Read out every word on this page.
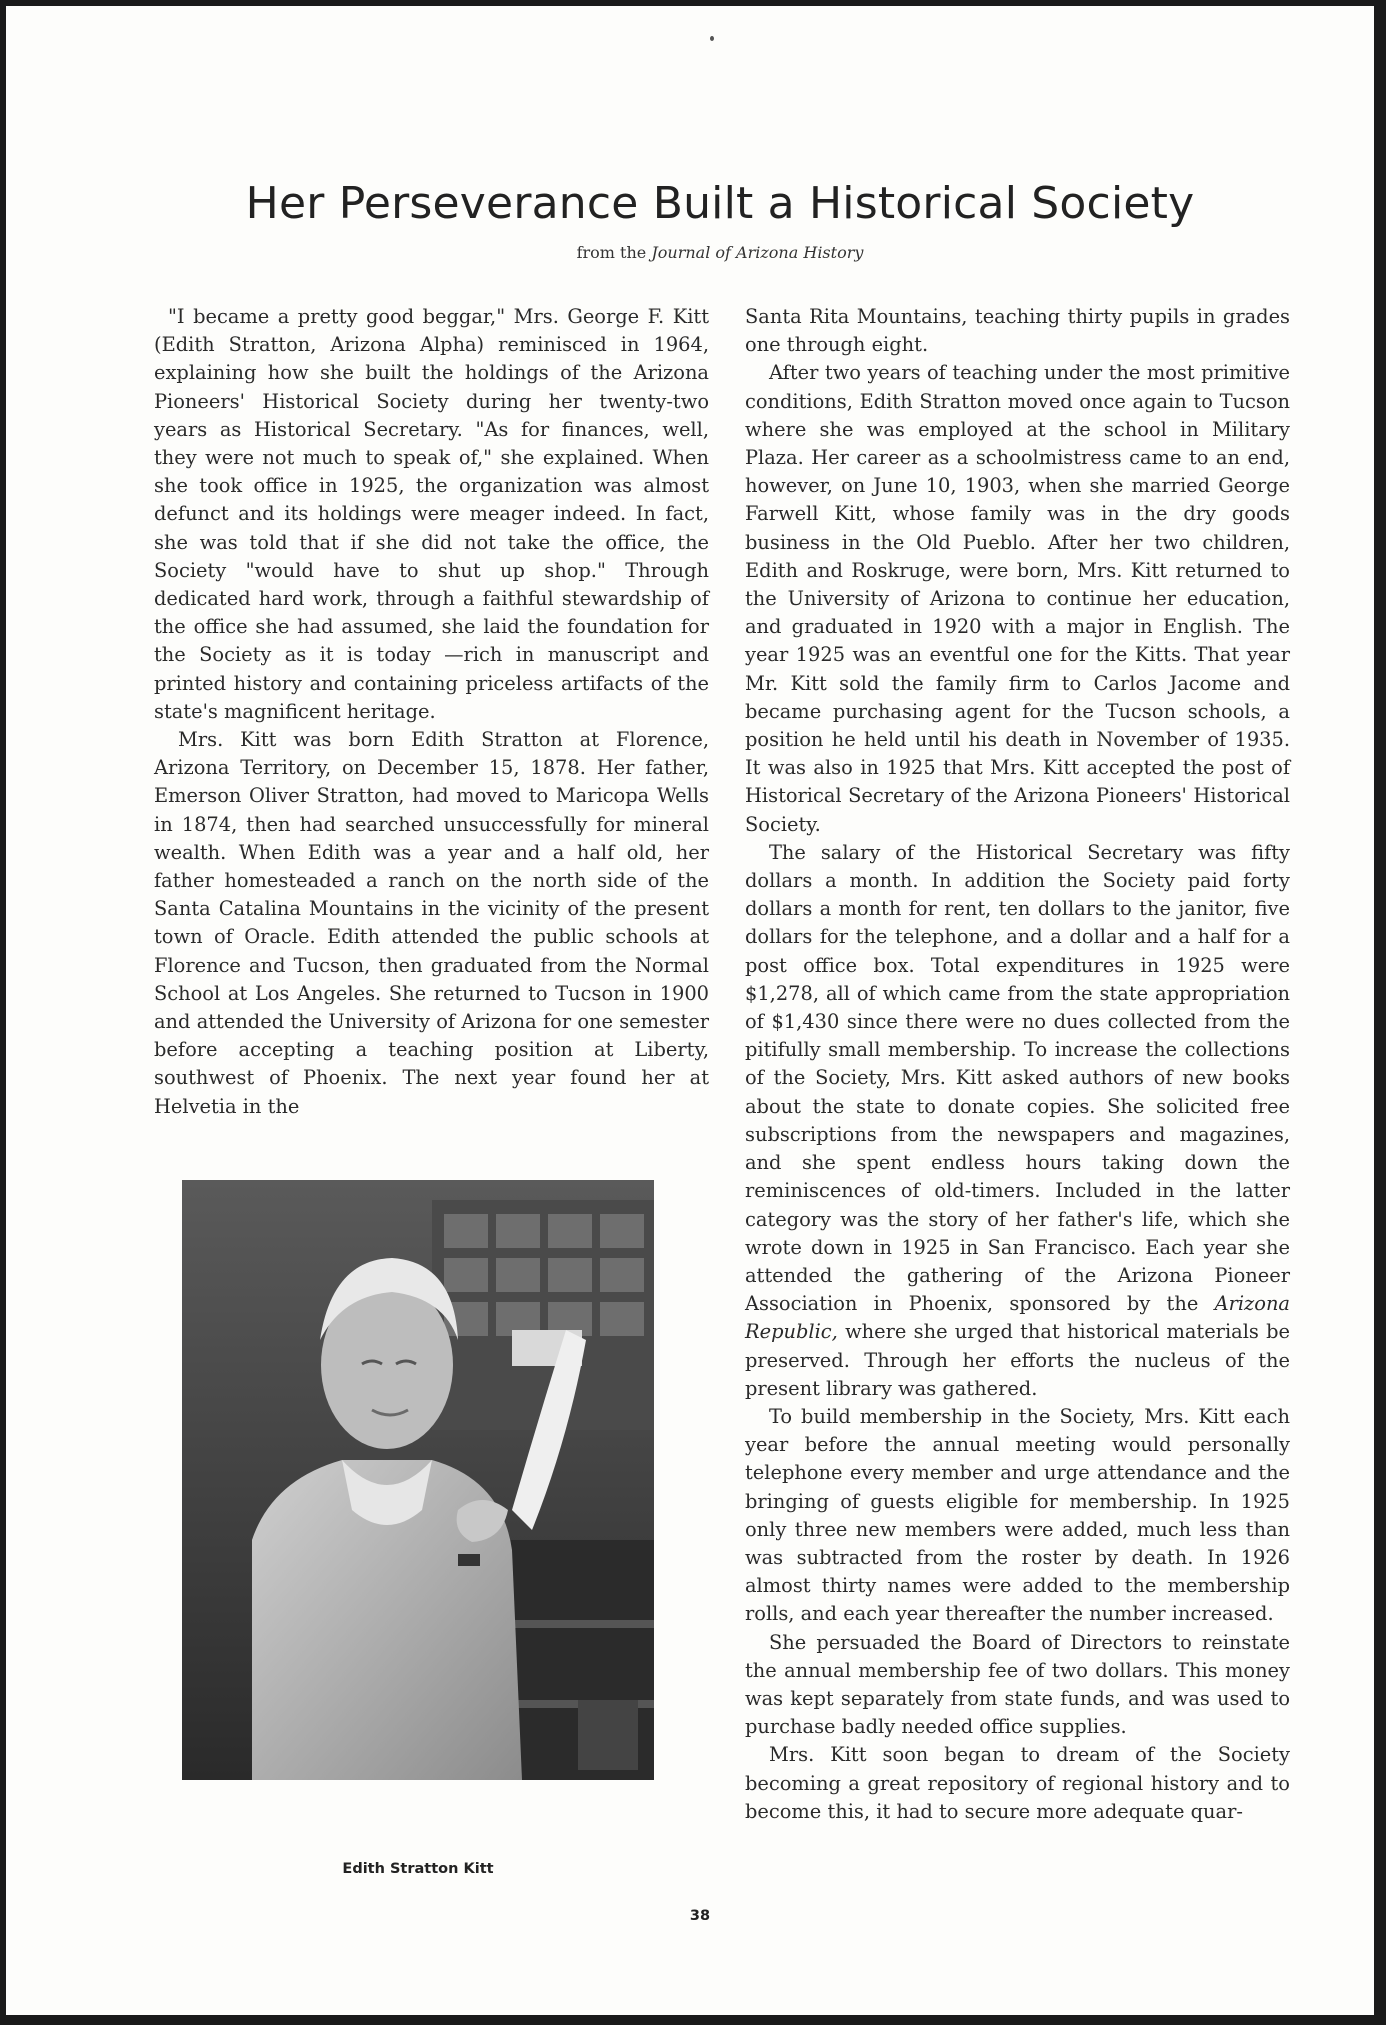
Her Perseverance Built a Historical Society
from the Journal of Arizona History

"I became a pretty good beggar," Mrs. George F. Kitt (Edith Stratton, Arizona Alpha) reminisced in 1964, explaining how she built the holdings of the Arizona Pioneers' Historical Society during her twenty-two years as Historical Secretary. "As for finances, well, they were not much to speak of," she explained. When she took office in 1925, the organization was almost defunct and its holdings were meager indeed. In fact, she was told that if she did not take the office, the Society "would have to shut up shop." Through dedicated hard work, through a faithful stewardship of the office she had assumed, she laid the foundation for the Society as it is today —rich in manuscript and printed history and containing priceless artifacts of the state's magnificent heritage.

Mrs. Kitt was born Edith Stratton at Florence, Arizona Territory, on December 15, 1878. Her father, Emerson Oliver Stratton, had moved to Maricopa Wells in 1874, then had searched unsuccessfully for mineral wealth. When Edith was a year and a half old, her father homesteaded a ranch on the north side of the Santa Catalina Mountains in the vicinity of the present town of Oracle. Edith attended the public schools at Florence and Tucson, then graduated from the Normal School at Los Angeles. She returned to Tucson in 1900 and attended the University of Arizona for one semester before accepting a teaching position at Liberty, southwest of Phoenix. The next year found her at Helvetia in the

Edith Stratton Kitt

Santa Rita Mountains, teaching thirty pupils in grades one through eight.

After two years of teaching under the most primitive conditions, Edith Stratton moved once again to Tucson where she was employed at the school in Military Plaza. Her career as a schoolmistress came to an end, however, on June 10, 1903, when she married George Farwell Kitt, whose family was in the dry goods business in the Old Pueblo. After her two children, Edith and Roskruge, were born, Mrs. Kitt returned to the University of Arizona to continue her education, and graduated in 1920 with a major in English. The year 1925 was an eventful one for the Kitts. That year Mr. Kitt sold the family firm to Carlos Jacome and became purchasing agent for the Tucson schools, a position he held until his death in November of 1935. It was also in 1925 that Mrs. Kitt accepted the post of Historical Secretary of the Arizona Pioneers' Historical Society.

The salary of the Historical Secretary was fifty dollars a month. In addition the Society paid forty dollars a month for rent, ten dollars to the janitor, five dollars for the telephone, and a dollar and a half for a post office box. Total expenditures in 1925 were $1,278, all of which came from the state appropriation of $1,430 since there were no dues collected from the pitifully small membership. To increase the collections of the Society, Mrs. Kitt asked authors of new books about the state to donate copies. She solicited free subscriptions from the newspapers and magazines, and she spent endless hours taking down the reminiscences of old-timers. Included in the latter category was the story of her father's life, which she wrote down in 1925 in San Francisco. Each year she attended the gathering of the Arizona Pioneer Association in Phoenix, sponsored by the Arizona Republic, where she urged that historical materials be preserved. Through her efforts the nucleus of the present library was gathered.

To build membership in the Society, Mrs. Kitt each year before the annual meeting would personally telephone every member and urge attendance and the bringing of guests eligible for membership. In 1925 only three new members were added, much less than was subtracted from the roster by death. In 1926 almost thirty names were added to the membership rolls, and each year thereafter the number increased.

She persuaded the Board of Directors to reinstate the annual membership fee of two dollars. This money was kept separately from state funds, and was used to purchase badly needed office supplies.

Mrs. Kitt soon began to dream of the Society becoming a great repository of regional history and to become this, it had to secure more adequate quar-

38
